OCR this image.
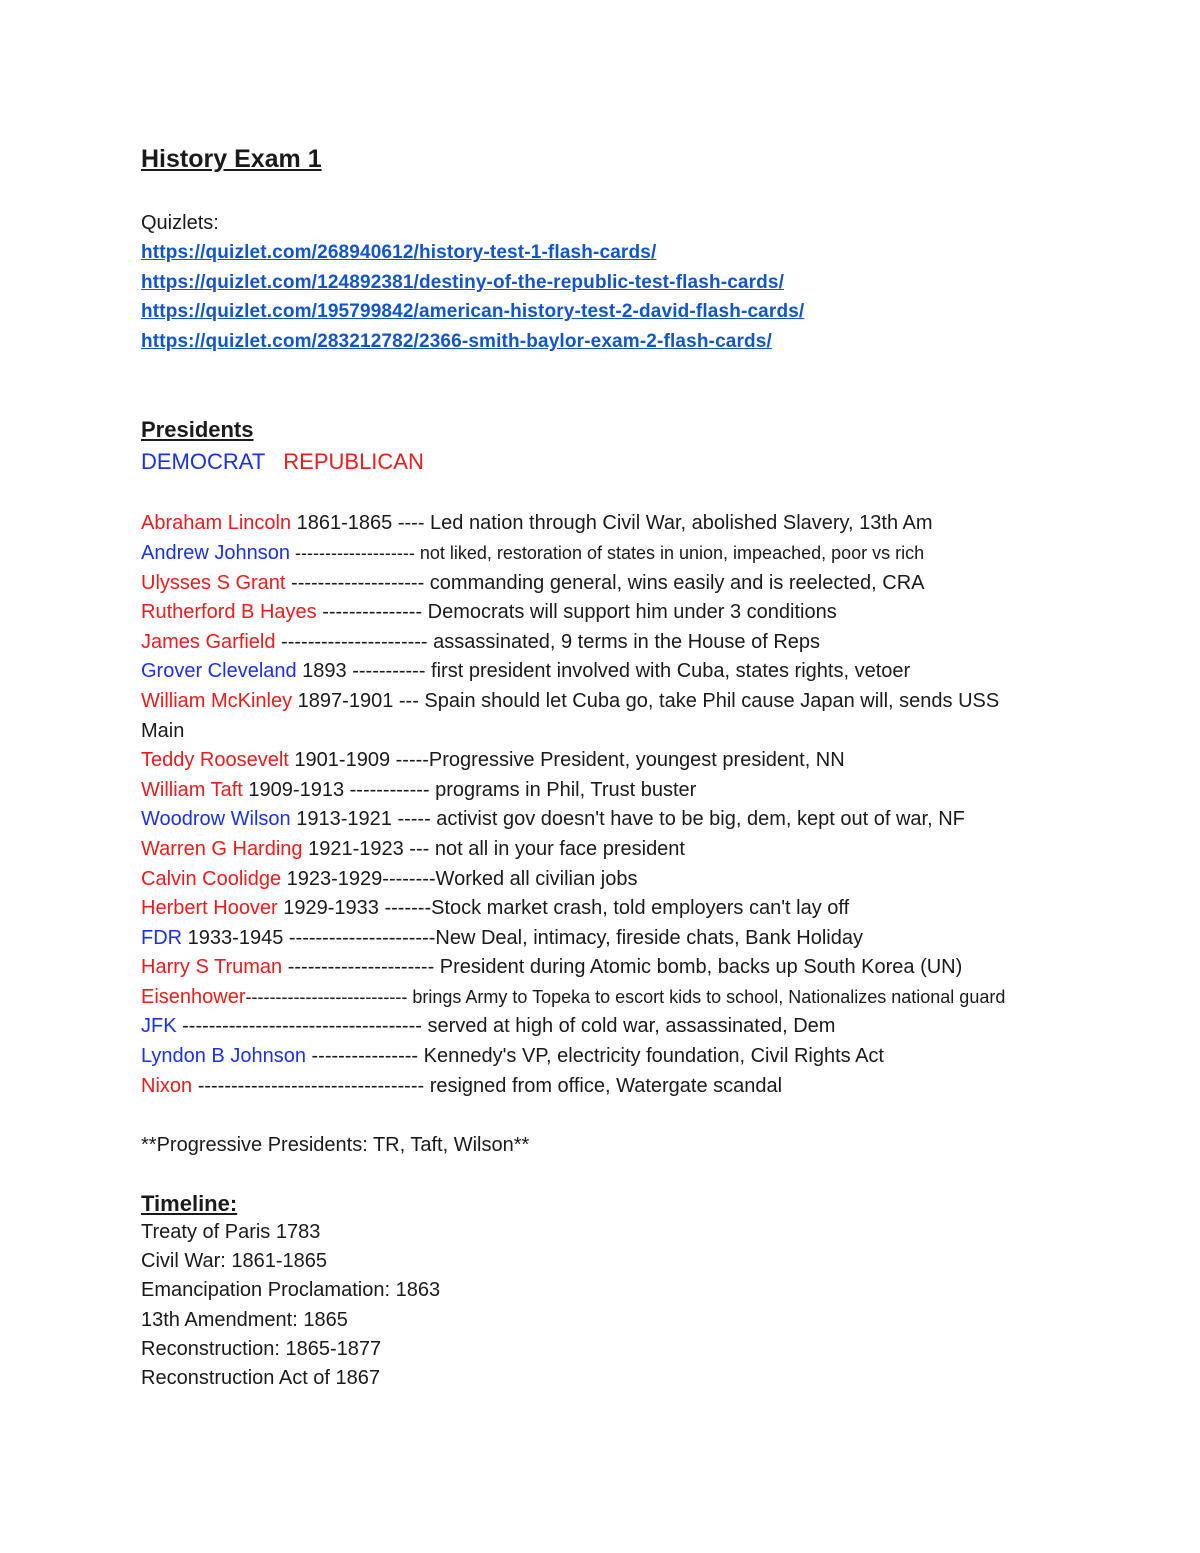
History Exam 1
Quizlets:
https://quizlet.com/268940612/history-test-1-flash-cards/
https://quizlet.com/124892381/destiny-of-the-republic-test-flash-cards/
https://quizlet.com/195799842/american-history-test-2-david-flash-cards/
https://quizlet.com/283212782/2366-smith-baylor-exam-2-flash-cards/
Presidents
DEMOCRAT REPUBLICAN
Abraham Lincoln 1861-1865 ---- Led nation through Civil War, abolished Slavery, 13th Am
Andrew Johnson -------------------- not liked, restoration of states in union, impeached, poor vs rich
Ulysses S Grant -------------------- commanding general, wins easily and is reelected, CRA
Rutherford B Hayes --------------- Democrats will support him under 3 conditions
James Garfield ---------------------- assassinated, 9 terms in the House of Reps
Grover Cleveland 1893 ----------- first president involved with Cuba, states rights, vetoer
William McKinley 1897-1901 --- Spain should let Cuba go, take Phil cause Japan will, sends USS Main
Teddy Roosevelt 1901-1909 -----Progressive President, youngest president, NN
William Taft 1909-1913 ------------ programs in Phil, Trust buster
Woodrow Wilson 1913-1921 ----- activist gov doesn't have to be big, dem, kept out of war, NF
Warren G Harding 1921-1923 --- not all in your face president
Calvin Coolidge 1923-1929--------Worked all civilian jobs
Herbert Hoover 1929-1933 -------Stock market crash, told employers can't lay off
FDR 1933-1945 ----------------------New Deal, intimacy, fireside chats, Bank Holiday
Harry S Truman ---------------------- President during Atomic bomb, backs up South Korea (UN)
Eisenhower--------------------------- brings Army to Topeka to escort kids to school, Nationalizes national guard
JFK ------------------------------------ served at high of cold war, assassinated, Dem
Lyndon B Johnson ---------------- Kennedy's VP, electricity foundation, Civil Rights Act
Nixon ---------------------------------- resigned from office, Watergate scandal
**Progressive Presidents: TR, Taft, Wilson**
Timeline:
Treaty of Paris 1783
Civil War: 1861-1865
Emancipation Proclamation: 1863
13th Amendment: 1865
Reconstruction: 1865-1877
Reconstruction Act of 1867
